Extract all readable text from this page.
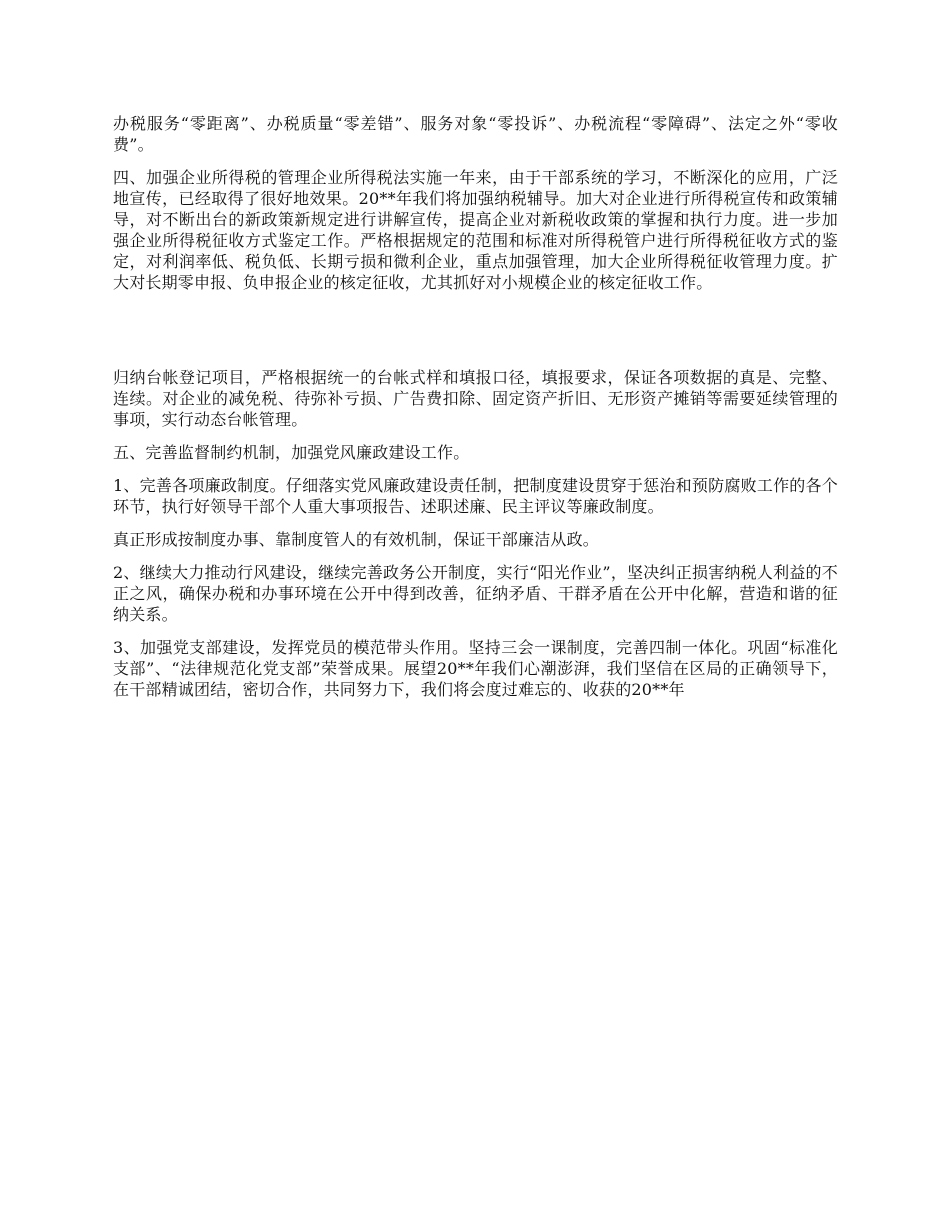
办税服务“零距离”、办税质量“零差错”、服务对象“零投诉”、办税流程“零障碍”、法定之外“零收费”。

四、加强企业所得税的管理企业所得税法实施一年来，由于干部系统的学习，不断深化的应用，广泛地宣传，已经取得了很好地效果。20**年我们将加强纳税辅导。加大对企业进行所得税宣传和政策辅导，对不断出台的新政策新规定进行讲解宣传，提高企业对新税收政策的掌握和执行力度。进一步加强企业所得税征收方式鉴定工作。严格根据规定的范围和标准对所得税管户进行所得税征收方式的鉴定，对利润率低、税负低、长期亏损和微利企业，重点加强管理，加大企业所得税征收管理力度。扩大对长期零申报、负申报企业的核定征收，尤其抓好对小规模企业的核定征收工作。

归纳台帐登记项目，严格根据统一的台帐式样和填报口径，填报要求，保证各项数据的真是、完整、连续。对企业的减免税、待弥补亏损、广告费扣除、固定资产折旧、无形资产摊销等需要延续管理的事项，实行动态台帐管理。

五、完善监督制约机制，加强党风廉政建设工作。

1、完善各项廉政制度。仔细落实党风廉政建设责任制，把制度建设贯穿于惩治和预防腐败工作的各个环节，执行好领导干部个人重大事项报告、述职述廉、民主评议等廉政制度。

真正形成按制度办事、靠制度管人的有效机制，保证干部廉洁从政。

2、继续大力推动行风建设，继续完善政务公开制度，实行“阳光作业”，坚决纠正损害纳税人利益的不正之风，确保办税和办事环境在公开中得到改善，征纳矛盾、干群矛盾在公开中化解，营造和谐的征纳关系。

3、加强党支部建设，发挥党员的模范带头作用。坚持三会一课制度，完善四制一体化。巩固“标准化支部”、“法律规范化党支部”荣誉成果。展望20**年我们心潮澎湃，我们坚信在区局的正确领导下，在干部精诚团结，密切合作，共同努力下，我们将会度过难忘的、收获的20**年
